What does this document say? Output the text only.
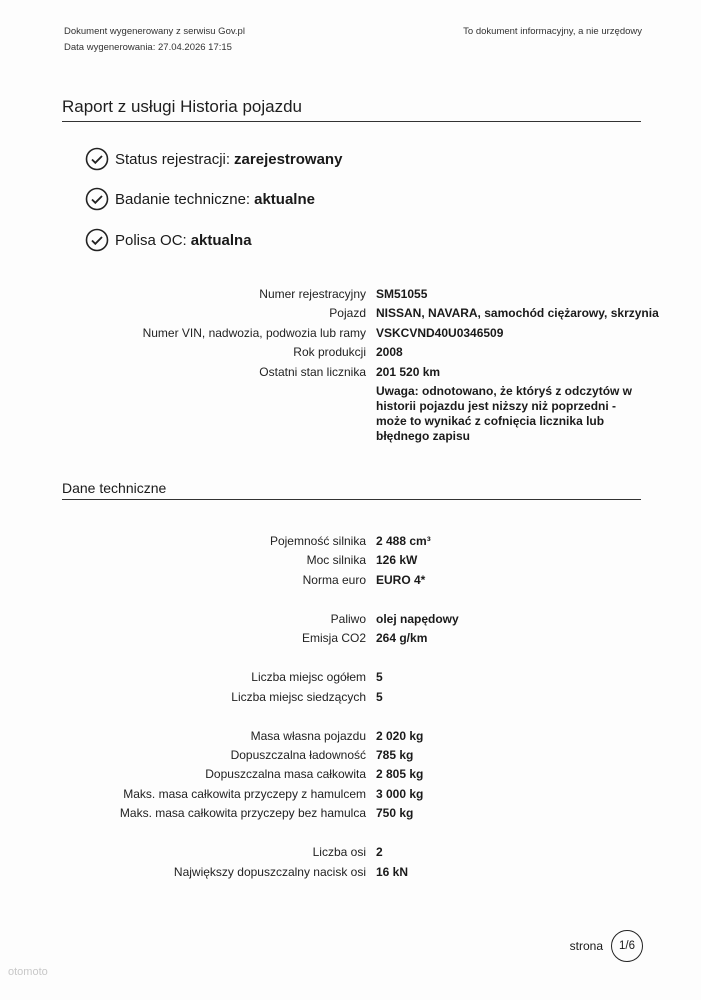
Dokument wygenerowany z serwisu Gov.pl
Data wygenerowania: 27.04.2026 17:15
To dokument informacyjny, a nie urzędowy
Raport z usługi Historia pojazdu
Status rejestracji: zarejestrowany
Badanie techniczne: aktualne
Polisa OC: aktualna
Numer rejestracyjny SM51055
Pojazd NISSAN, NAVARA, samochód ciężarowy, skrzynia
Numer VIN, nadwozia, podwozia lub ramy VSKCVND40U0346509
Rok produkcji 2008
Ostatni stan licznika 201 520 km
Uwaga: odnotowano, że któryś z odczytów w historii pojazdu jest niższy niż poprzedni - może to wynikać z cofnięcia licznika lub błędnego zapisu
Dane techniczne
Pojemność silnika 2 488 cm³
Moc silnika 126 kW
Norma euro EURO 4*
Paliwo olej napędowy
Emisja CO2 264 g/km
Liczba miejsc ogółem 5
Liczba miejsc siedzących 5
Masa własna pojazdu 2 020 kg
Dopuszczalna ładowność 785 kg
Dopuszczalna masa całkowita 2 805 kg
Maks. masa całkowita przyczepy z hamulcem 3 000 kg
Maks. masa całkowita przyczepy bez hamulca 750 kg
Liczba osi 2
Największy dopuszczalny nacisk osi 16 kN
strona	1/6
otomoto
